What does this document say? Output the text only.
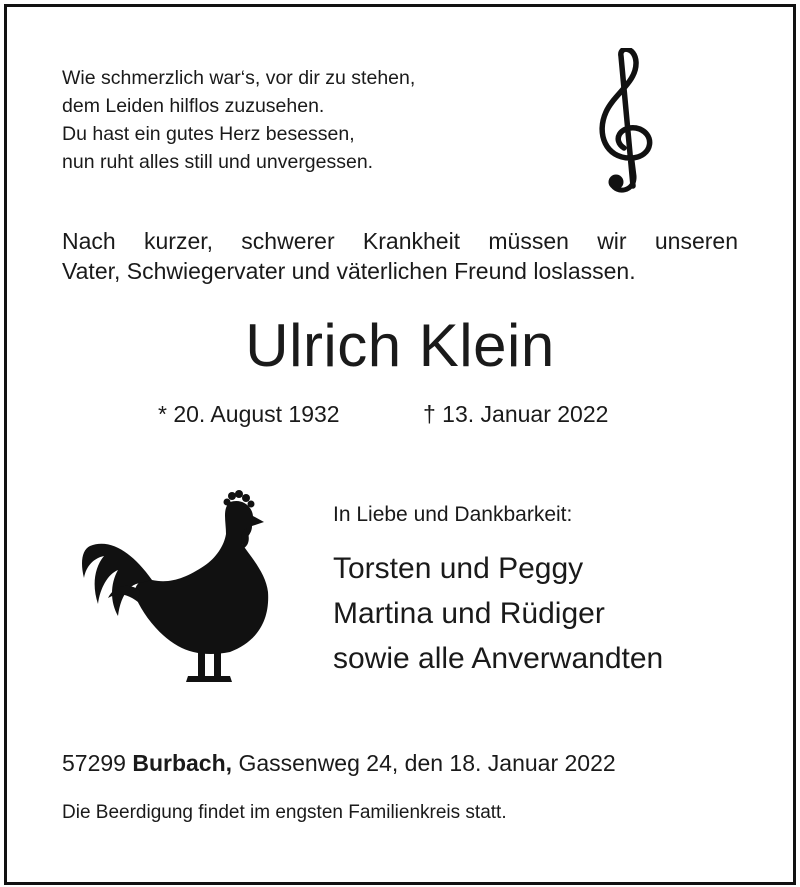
Wie schmerzlich war‘s, vor dir zu stehen,
dem Leiden hilflos zuzusehen.
Du hast ein gutes Herz besessen,
nun ruht alles still und unvergessen.
Nach kurzer, schwerer Krankheit müssen wir unseren
Vater, Schwiegervater und väterlichen Freund loslassen.
Ulrich Klein
* 20. August 1932	† 13. Januar 2022
In Liebe und Dankbarkeit:
Torsten und Peggy
Martina und Rüdiger
sowie alle Anverwandten
57299 Burbach, Gassenweg 24, den 18. Januar 2022
Die Beerdigung findet im engsten Familienkreis statt.
